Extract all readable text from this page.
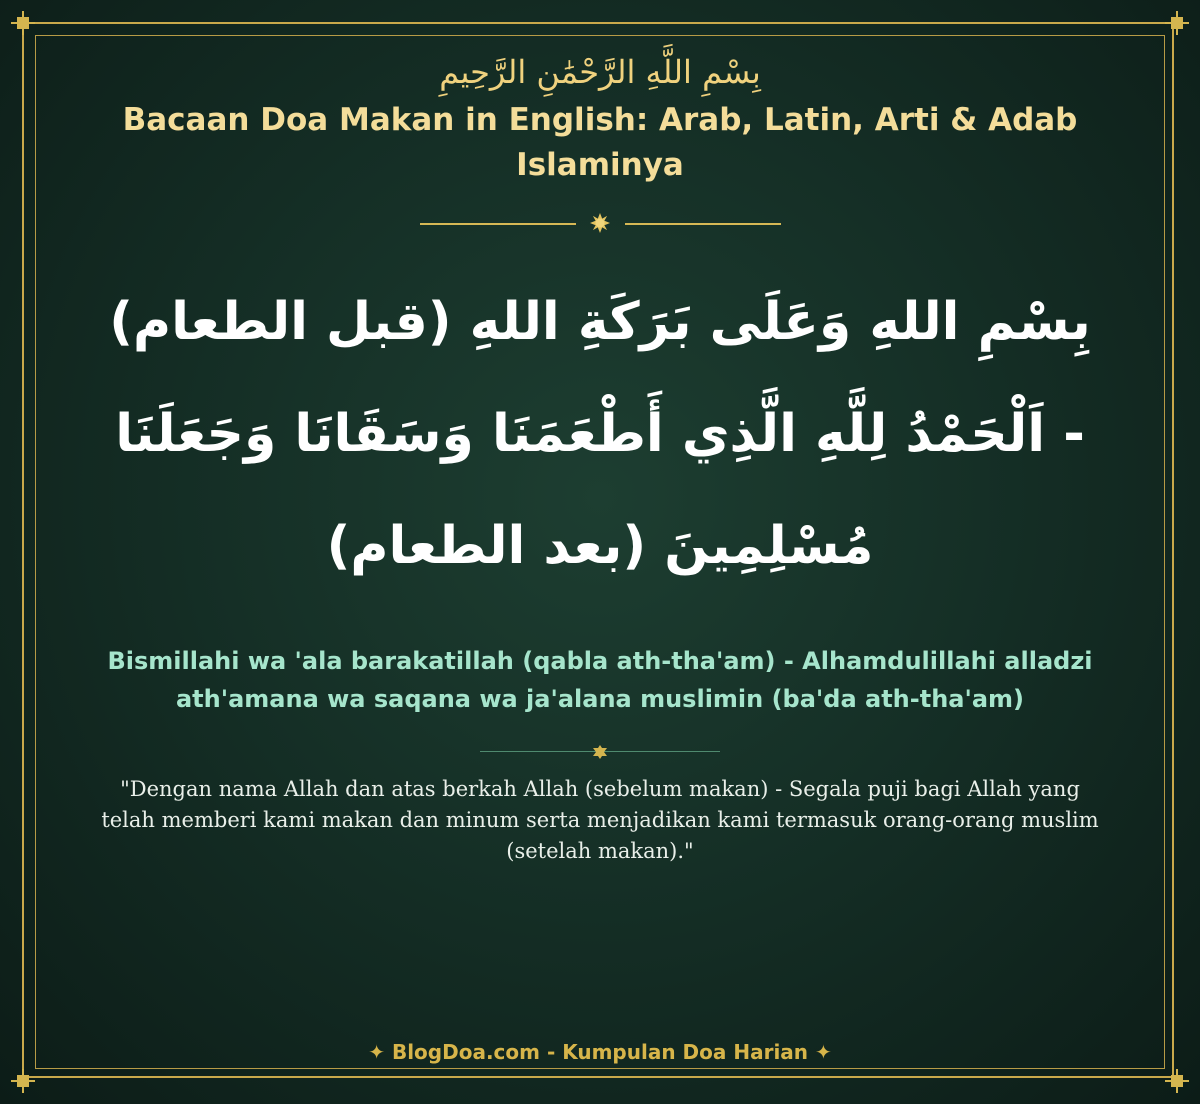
بِسْمِ اللَّهِ الرَّحْمَٰنِ الرَّحِيمِ
Bacaan Doa Makan in English: Arab, Latin, Arti & Adab Islaminya
بِسْمِ اللهِ وَعَلَى بَرَكَةِ اللهِ (قبل الطعام) - اَلْحَمْدُ لِلَّهِ الَّذِي أَطْعَمَنَا وَسَقَانَا وَجَعَلَنَا مُسْلِمِينَ (بعد الطعام)
Bismillahi wa 'ala barakatillah (qabla ath-tha'am) - Alhamdulillahi alladzi ath'amana wa saqana wa ja'alana muslimin (ba'da ath-tha'am)
"Dengan nama Allah dan atas berkah Allah (sebelum makan) - Segala puji bagi Allah yang telah memberi kami makan dan minum serta menjadikan kami termasuk orang-orang muslim (setelah makan)."
✦ BlogDoa.com - Kumpulan Doa Harian ✦
